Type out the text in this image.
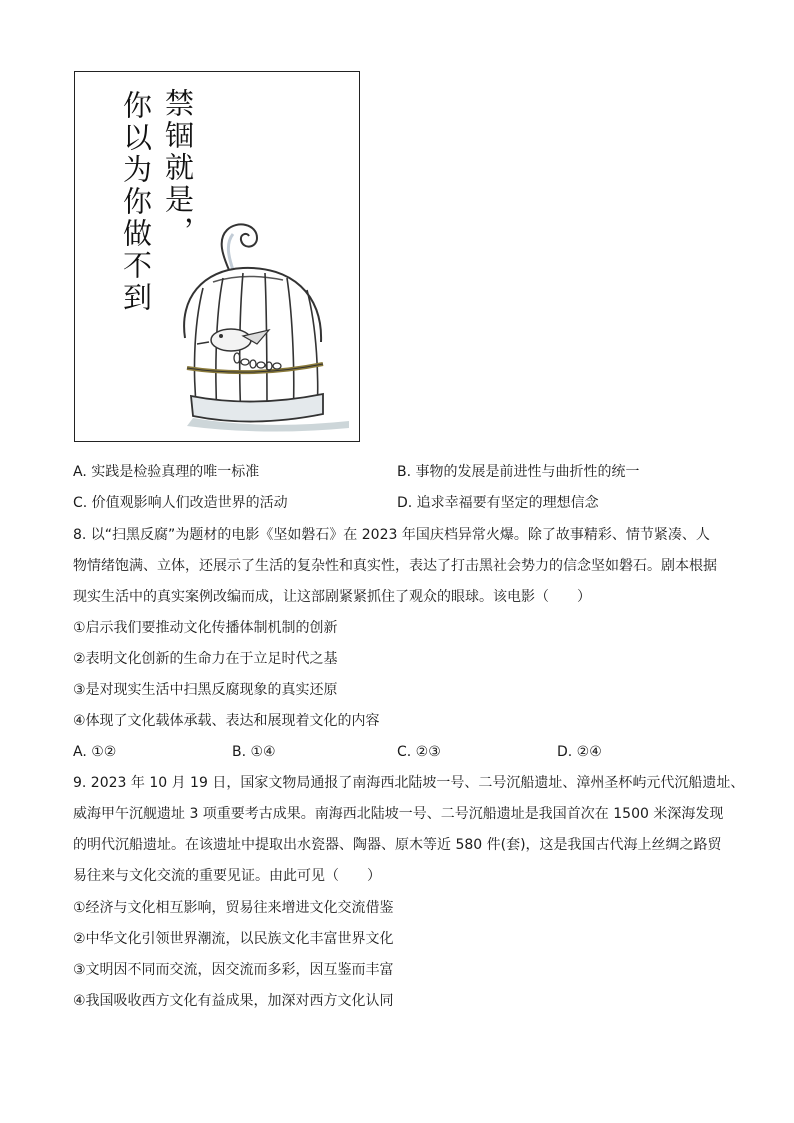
禁锢就是，
你以为你做不到
A. 实践是检验真理的唯一标准	B. 事物的发展是前进性与曲折性的统一
C. 价值观影响人们改造世界的活动	D. 追求幸福要有坚定的理想信念
8. 以“扫黑反腐”为题材的电影《坚如磐石》在 2023 年国庆档异常火爆。除了故事精彩、情节紧凑、人
物情绪饱满、立体，还展示了生活的复杂性和真实性，表达了打击黑社会势力的信念坚如磐石。剧本根据
现实生活中的真实案例改编而成，让这部剧紧紧抓住了观众的眼球。该电影（　　）
①启示我们要推动文化传播体制机制的创新
②表明文化创新的生命力在于立足时代之基
③是对现实生活中扫黑反腐现象的真实还原
④体现了文化载体承载、表达和展现着文化的内容
A. ①②	B. ①④	C. ②③	D. ②④
9. 2023 年 10 月 19 日，国家文物局通报了南海西北陆坡一号、二号沉船遗址、漳州圣杯屿元代沉船遗址、
威海甲午沉舰遗址 3 项重要考古成果。南海西北陆坡一号、二号沉船遗址是我国首次在 1500 米深海发现
的明代沉船遗址。在该遗址中提取出水瓷器、陶器、原木等近 580 件(套)，这是我国古代海上丝绸之路贸
易往来与文化交流的重要见证。由此可见（　　）
①经济与文化相互影响，贸易往来增进文化交流借鉴
②中华文化引领世界潮流，以民族文化丰富世界文化
③文明因不同而交流，因交流而多彩，因互鉴而丰富
④我国吸收西方文化有益成果，加深对西方文化认同
